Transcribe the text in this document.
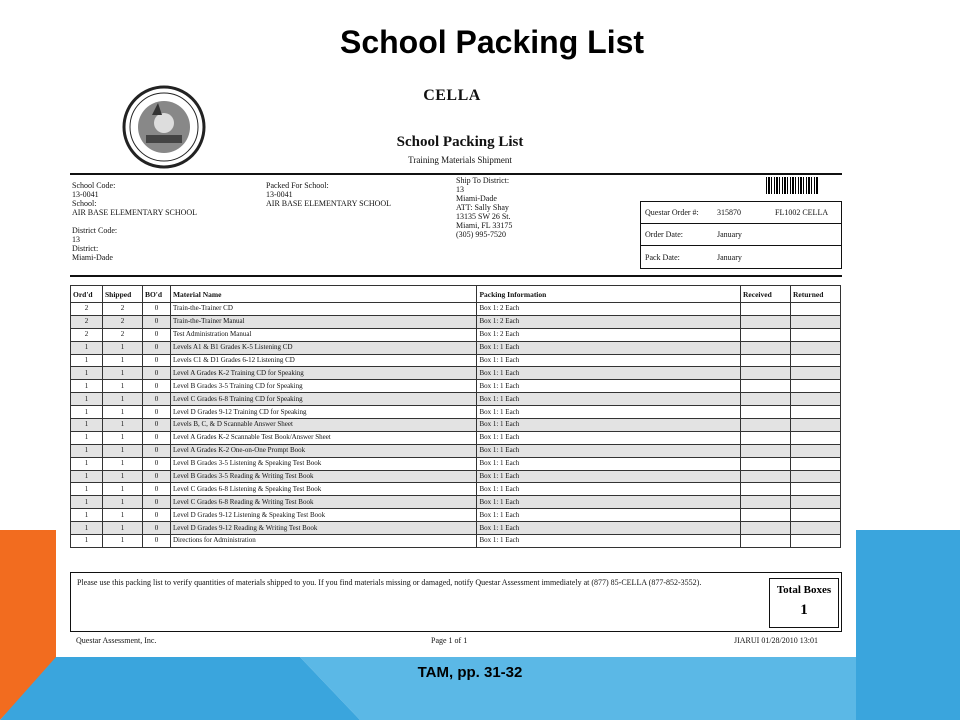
School Packing List
CELLA
School Packing List
Training Materials Shipment
School Code:
13-0041
School:
AIR BASE ELEMENTARY SCHOOL

District Code:
13
District:
Miami-Dade
Packed For School:
13-0041
AIR BASE ELEMENTARY SCHOOL
Ship To District:
13
Miami-Dade
ATT: Sally Shay
13135 SW 26 St.
Miami, FL 33175
(305) 995-7520
Questar Order #:	315870	FL1002 CELLA
Order Date:	January
Pack Date:	January
Ord'd	Shipped	BO'd	Material Name	Packing Information	Received	Returned
2	2	0	Train-the-Trainer CD	Box 1: 2 Each		
2	2	0	Train-the-Trainer Manual	Box 1: 2 Each		
2	2	0	Test Administration Manual	Box 1: 2 Each		
1	1	0	Levels A1 & B1 Grades K-5 Listening CD	Box 1: 1 Each		
1	1	0	Levels C1 & D1 Grades 6-12 Listening CD	Box 1: 1 Each		
1	1	0	Level A Grades K-2 Training CD for Speaking	Box 1: 1 Each		
1	1	0	Level B Grades 3-5 Training CD for Speaking	Box 1: 1 Each		
1	1	0	Level C Grades 6-8 Training CD for Speaking	Box 1: 1 Each		
1	1	0	Level D Grades 9-12 Training CD for Speaking	Box 1: 1 Each		
1	1	0	Levels B, C, & D Scannable Answer Sheet	Box 1: 1 Each		
1	1	0	Level A Grades K-2 Scannable Test Book/Answer Sheet	Box 1: 1 Each		
1	1	0	Level A Grades K-2 One-on-One Prompt Book	Box 1: 1 Each		
1	1	0	Level B Grades 3-5 Listening & Speaking Test Book	Box 1: 1 Each		
1	1	0	Level B Grades 3-5 Reading & Writing Test Book	Box 1: 1 Each		
1	1	0	Level C Grades 6-8 Listening & Speaking Test Book	Box 1: 1 Each		
1	1	0	Level C Grades 6-8 Reading & Writing Test Book	Box 1: 1 Each		
1	1	0	Level D Grades 9-12 Listening & Speaking Test Book	Box 1: 1 Each		
1	1	0	Level D Grades 9-12 Reading & Writing Test Book	Box 1: 1 Each		
1	1	0	Directions for Administration	Box 1: 1 Each		
Please use this packing list to verify quantities of materials shipped to you. If you find materials missing or damaged, notify Questar Assessment immediately at (877) 85-CELLA (877-852-3552).
Total Boxes
1
Questar Assessment, Inc.	Page 1 of 1	JIARUI 01/28/2010 13:01
TAM, pp. 31-32
